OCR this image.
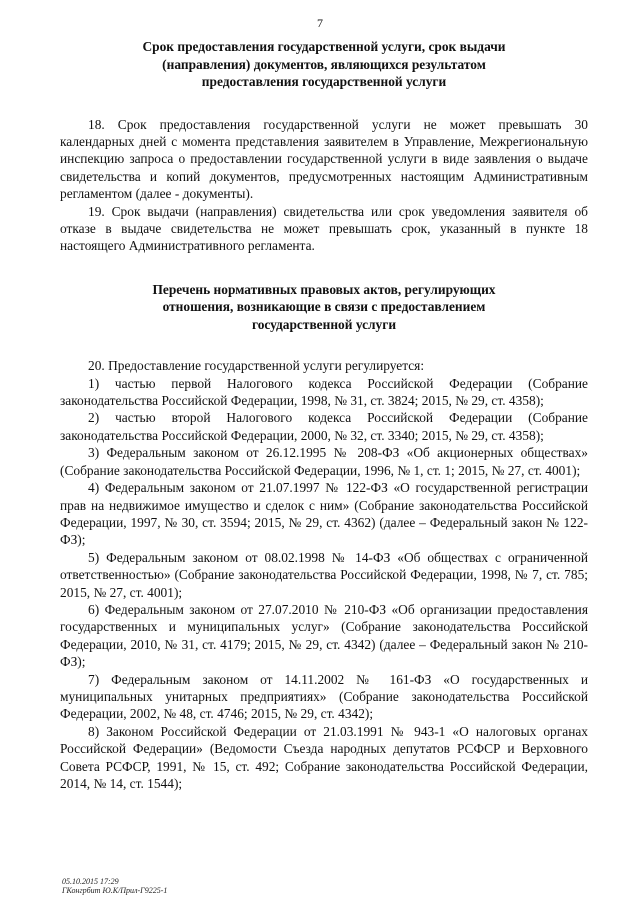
7
Срок предоставления государственной услуги, срок выдачи
(направления) документов, являющихся результатом
предоставления государственной услуги

18. Срок предоставления государственной услуги не может превышать 30 календарных дней с момента представления заявителем в Управление, Межрегиональную инспекцию запроса о предоставлении государственной услуги в виде заявления о выдаче свидетельства и копий документов, предусмотренных настоящим Административным регламентом (далее - документы).

19. Срок выдачи (направления) свидетельства или срок уведомления заявителя об отказе в выдаче свидетельства не может превышать срок, указанный в пункте 18 настоящего Административного регламента.

Перечень нормативных правовых актов, регулирующих
отношения, возникающие в связи с предоставлением
государственной услуги

20. Предоставление государственной услуги регулируется:

1) частью первой Налогового кодекса Российской Федерации (Собрание законодательства Российской Федерации, 1998, № 31, ст. 3824; 2015, № 29, ст. 4358);

2) частью второй Налогового кодекса Российской Федерации (Собрание законодательства Российской Федерации, 2000, № 32, ст. 3340; 2015, № 29, ст. 4358);

3) Федеральным законом от 26.12.1995 № 208-ФЗ «Об акционерных обществах» (Собрание законодательства Российской Федерации, 1996, № 1, ст. 1; 2015, № 27, ст. 4001);

4) Федеральным законом от 21.07.1997 № 122-ФЗ «О государственной регистрации прав на недвижимое имущество и сделок с ним» (Собрание законодательства Российской Федерации, 1997, № 30, ст. 3594; 2015, № 29, ст. 4362) (далее – Федеральный закон № 122-ФЗ);

5) Федеральным законом от 08.02.1998 № 14-ФЗ «Об обществах с ограниченной ответственностью» (Собрание законодательства Российской Федерации, 1998, № 7, ст. 785; 2015, № 27, ст. 4001);

6) Федеральным законом от 27.07.2010 № 210-ФЗ «Об организации предоставления государственных и муниципальных услуг» (Собрание законодательства Российской Федерации, 2010, № 31, ст. 4179; 2015, № 29, ст. 4342) (далее – Федеральный закон № 210-ФЗ);

7) Федеральным законом от 14.11.2002 № 161-ФЗ «О государственных и муниципальных унитарных предприятиях» (Собрание законодательства Российской Федерации, 2002, № 48, ст. 4746; 2015, № 29, ст. 4342);

8) Законом Российской Федерации от 21.03.1991 № 943-1 «О налоговых органах Российской Федерации» (Ведомости Съезда народных депутатов РСФСР и Верховного Совета РСФСР, 1991, № 15, ст. 492; Собрание законодательства Российской Федерации, 2014, № 14, ст. 1544);

05.10.2015 17:29
ГКонгрбит Ю.К/Прил-Г9225-1
